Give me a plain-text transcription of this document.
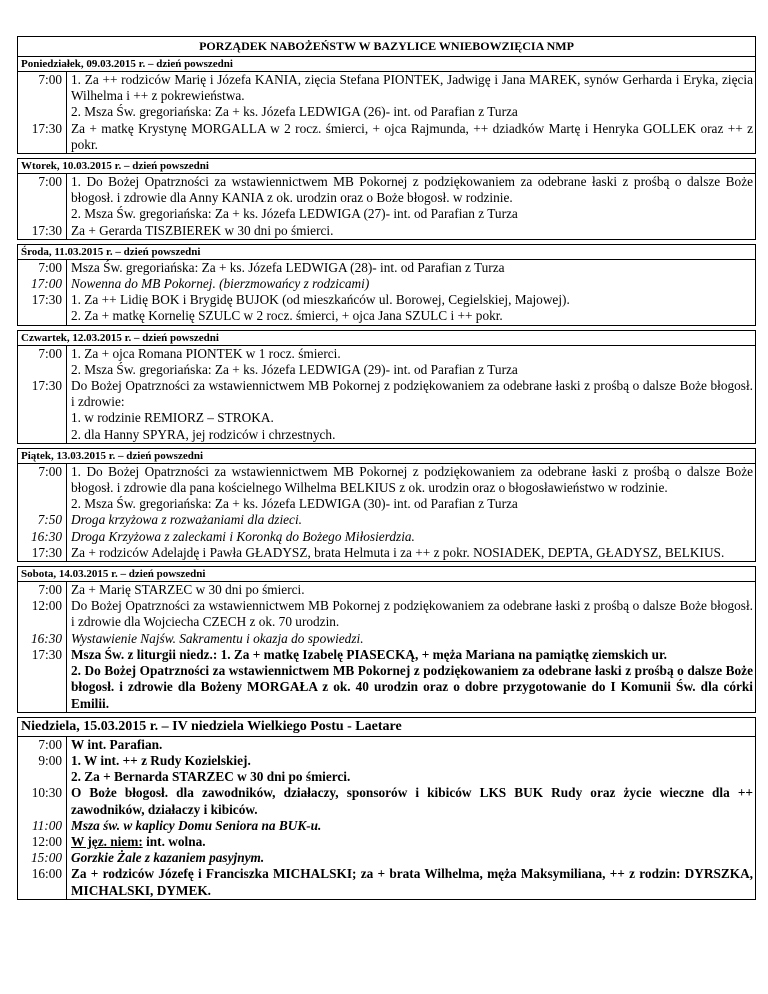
PORZĄDEK NABOŻEŃSTW W BAZYLICE WNIEBOWZIĘCIA NMP
Poniedziałek, 09.03.2015 r. – dzień powszedni
7:00 1. Za ++ rodziców Marię i Józefa KANIA, zięcia Stefana PIONTEK, Jadwigę i Jana MAREK, synów Gerharda i Eryka, zięcia Wilhelma i ++ z pokrewieństwa.
2. Msza Św. gregoriańska: Za + ks. Józefa LEDWIGA (26)- int. od Parafian z Turza
17:30 Za + matkę Krystynę MORGALLA w 2 rocz. śmierci, + ojca Rajmunda, ++ dziadków Martę i Henryka GOLLEK oraz ++ z pokr.
Wtorek, 10.03.2015 r. – dzień powszedni
7:00 1. Do Bożej Opatrzności za wstawiennictwem MB Pokornej z podziękowaniem za odebrane łaski z prośbą o dalsze Boże błogosł. i zdrowie dla Anny KANIA z ok. urodzin oraz o Boże błogosł. w rodzinie.
2. Msza Św. gregoriańska: Za + ks. Józefa LEDWIGA (27)- int. od Parafian z Turza
17:30 Za + Gerarda TISZBIEREK w 30 dni po śmierci.
Środa, 11.03.2015 r. – dzień powszedni
7:00 Msza Św. gregoriańska: Za + ks. Józefa LEDWIGA (28)- int. od Parafian z Turza
17:00 Nowenna do MB Pokornej. (bierzmowańcy z rodzicami)
17:30 1. Za ++ Lidię BOK i Brygidę BUJOK (od mieszkańców ul. Borowej, Cegielskiej, Majowej).
2. Za + matkę Kornelię SZULC w 2 rocz. śmierci, + ojca Jana SZULC i ++ pokr.
Czwartek, 12.03.2015 r. – dzień powszedni
7:00 1. Za + ojca Romana PIONTEK w 1 rocz. śmierci.
2. Msza Św. gregoriańska: Za + ks. Józefa LEDWIGA (29)- int. od Parafian z Turza
17:30 Do Bożej Opatrzności za wstawiennictwem MB Pokornej z podziękowaniem za odebrane łaski z prośbą o dalsze Boże błogosł. i zdrowie:
1. w rodzinie REMIORZ – STROKA.
2. dla Hanny SPYRA, jej rodziców i chrzestnych.
Piątek, 13.03.2015 r. – dzień powszedni
7:00 1. Do Bożej Opatrzności za wstawiennictwem MB Pokornej z podziękowaniem za odebrane łaski z prośbą o dalsze Boże błogosł. i zdrowie dla pana kościelnego Wilhelma BELKIUS z ok. urodzin oraz o błogosławieństwo w rodzinie.
2. Msza Św. gregoriańska: Za + ks. Józefa LEDWIGA (30)- int. od Parafian z Turza
7:50 Droga krzyżowa z rozważaniami dla dzieci.
16:30 Droga Krzyżowa z zaleckami i Koronką do Bożego Miłosierdzia.
17:30 Za + rodziców Adelajdę i Pawła GŁADYSZ, brata Helmuta i za ++ z pokr. NOSIADEK, DEPTA, GŁADYSZ, BELKIUS.
Sobota, 14.03.2015 r. – dzień powszedni
7:00 Za + Marię STARZEC w 30 dni po śmierci.
12:00 Do Bożej Opatrzności za wstawiennictwem MB Pokornej z podziękowaniem za odebrane łaski z prośbą o dalsze Boże błogosł. i zdrowie dla Wojciecha CZECH z ok. 70 urodzin.
16:30 Wystawienie Najśw. Sakramentu i okazja do spowiedzi.
17:30 Msza Św. z liturgii niedz.: 1. Za + matkę Izabelę PIASECKĄ, + męża Mariana na pamiątkę ziemskich ur.
2. Do Bożej Opatrzności za wstawiennictwem MB Pokornej z podziękowaniem za odebrane łaski z prośbą o dalsze Boże błogosł. i zdrowie dla Bożeny MORGAŁA z ok. 40 urodzin oraz o dobre przygotowanie do I Komunii Św. dla córki Emilii.
Niedziela, 15.03.2015 r. – IV niedziela Wielkiego Postu - Laetare
7:00 W int. Parafian.
9:00 1. W int. ++ z Rudy Kozielskiej.
2. Za + Bernarda STARZEC w 30 dni po śmierci.
10:30 O Boże błogosł. dla zawodników, działaczy, sponsorów i kibiców LKS BUK Rudy oraz życie wieczne dla ++ zawodników, działaczy i kibiców.
11:00 Msza św. w kaplicy Domu Seniora na BUK-u.
12:00 W jęz. niem: int. wolna.
15:00 Gorzkie Żale z kazaniem pasyjnym.
16:00 Za + rodziców Józefę i Franciszka MICHALSKI; za + brata Wilhelma, męża Maksymiliana, ++ z rodzin: DYRSZKA, MICHALSKI, DYMEK.
